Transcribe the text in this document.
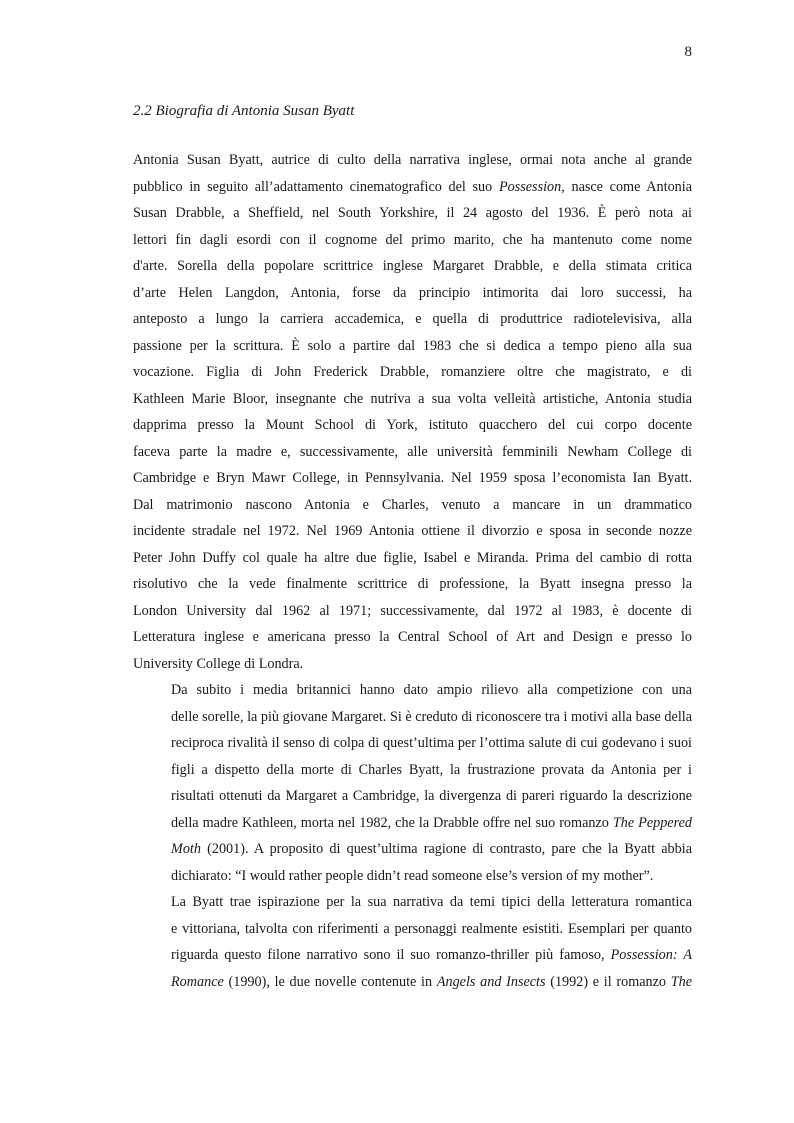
8
2.2 Biografia di Antonia Susan Byatt
Antonia Susan Byatt, autrice di culto della narrativa inglese, ormai nota anche al grande
pubblico in seguito all’adattamento cinematografico del suo Possession, nasce come Antonia
Susan Drabble, a Sheffield, nel South Yorkshire, il 24 agosto del 1936. È però nota ai
lettori fin dagli esordi con il cognome del primo marito, che ha mantenuto come nome
d'arte. Sorella della popolare scrittrice inglese Margaret Drabble, e della stimata critica
d’arte Helen Langdon, Antonia, forse da principio intimorita dai loro successi, ha
anteposto a lungo la carriera accademica, e quella di produttrice radiotelevisiva, alla
passione per la scrittura. È solo a partire dal 1983 che si dedica a tempo pieno alla sua
vocazione. Figlia di John Frederick Drabble, romanziere oltre che magistrato, e di
Kathleen Marie Bloor, insegnante che nutriva a sua volta velleità artistiche, Antonia studia
dapprima presso la Mount School di York, istituto quacchero del cui corpo docente
faceva parte la madre e, successivamente, alle università femminili Newham College di
Cambridge e Bryn Mawr College, in Pennsylvania. Nel 1959 sposa l’economista Ian Byatt.
Dal matrimonio nascono Antonia e Charles, venuto a mancare in un drammatico
incidente stradale nel 1972. Nel 1969 Antonia ottiene il divorzio e sposa in seconde nozze
Peter John Duffy col quale ha altre due figlie, Isabel e Miranda. Prima del cambio di rotta
risolutivo che la vede finalmente scrittrice di professione, la Byatt insegna presso la
London University dal 1962 al 1971; successivamente, dal 1972 al 1983, è docente di
Letteratura inglese e americana presso la Central School of Art and Design e presso lo
University College di Londra.
Da subito i media britannici hanno dato ampio rilievo alla competizione con una
delle sorelle, la più giovane Margaret. Si è creduto di riconoscere tra i motivi alla base della
reciproca rivalità il senso di colpa di quest’ultima per l’ottima salute di cui godevano i suoi
figli a dispetto della morte di Charles Byatt, la frustrazione provata da Antonia per i
risultati ottenuti da Margaret a Cambridge, la divergenza di pareri riguardo la descrizione
della madre Kathleen, morta nel 1982, che la Drabble offre nel suo romanzo The Peppered
Moth (2001). A proposito di quest’ultima ragione di contrasto, pare che la Byatt abbia
dichiarato: “I would rather people didn’t read someone else’s version of my mother”.
La Byatt trae ispirazione per la sua narrativa da temi tipici della letteratura romantica
e vittoriana, talvolta con riferimenti a personaggi realmente esistiti. Esemplari per quanto
riguarda questo filone narrativo sono il suo romanzo-thriller più famoso, Possession: A
Romance (1990), le due novelle contenute in Angels and Insects (1992) e il romanzo The
